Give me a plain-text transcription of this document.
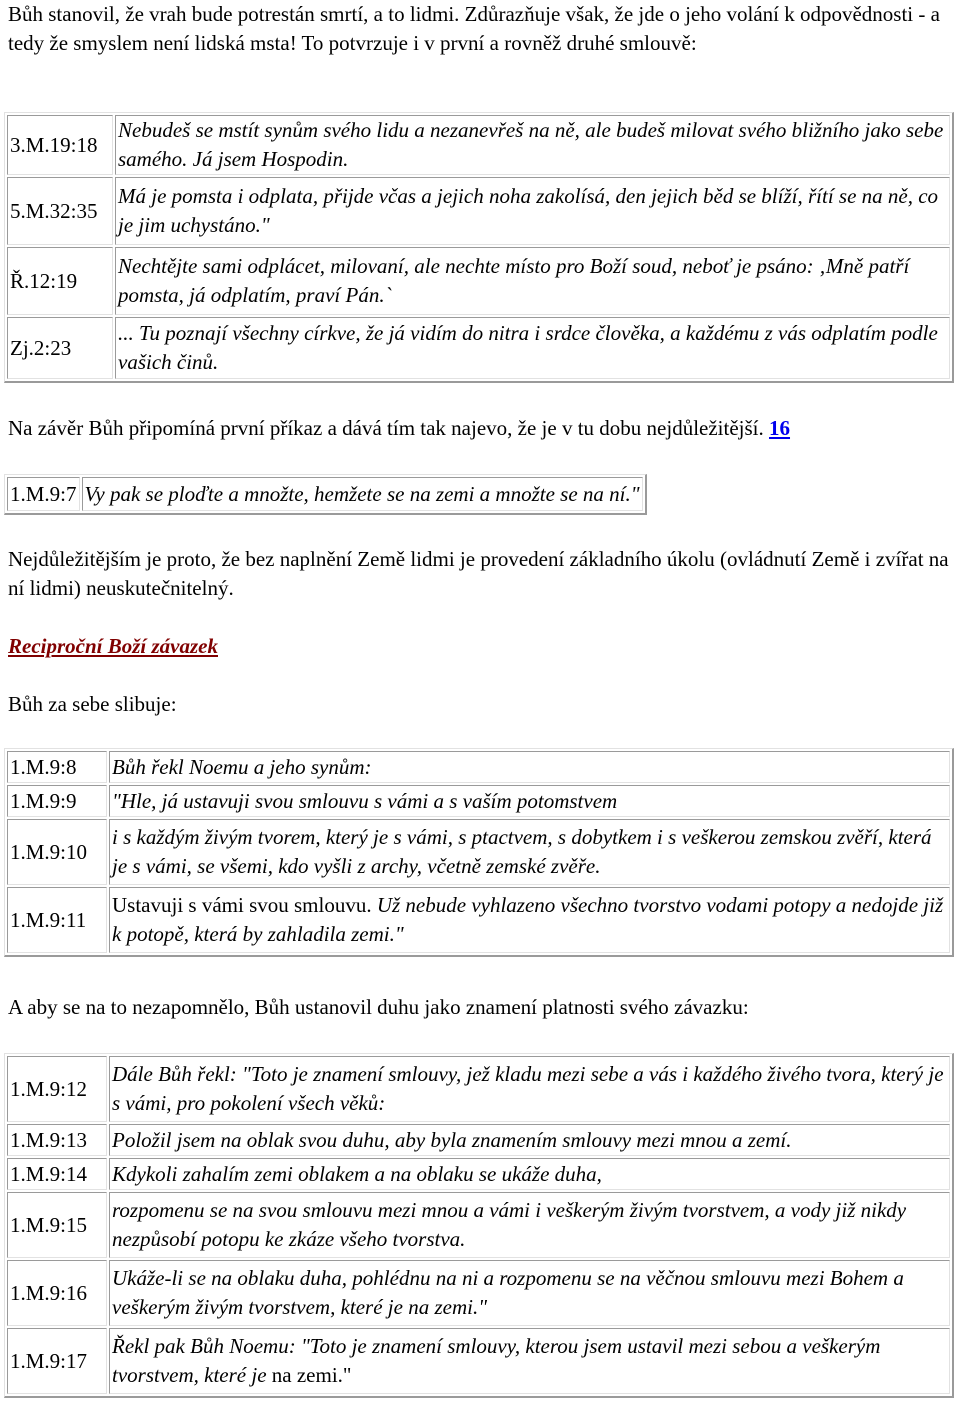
Bůh stanovil, že vrah bude potrestán smrtí, a to lidmi. Zdůrazňuje však, že jde o jeho volání k odpovědnosti - a tedy že smyslem není lidská msta! To potvrzuje i v první a rovněž druhé smlouvě:

3.M.19:18	Nebudeš se mstít synům svého lidu a nezanevřeš na ně, ale budeš milovat svého bližního jako sebe samého. Já jsem Hospodin.
5.M.32:35	Má je pomsta i odplata, přijde včas a jejich noha zakolísá, den jejich běd se blíží, řítí se na ně, co je jim uchystáno."
Ř.12:19	Nechtějte sami odplácet, milovaní, ale nechte místo pro Boží soud, neboť je psáno: ‚Mně patří pomsta, já odplatím, praví Pán.`
Zj.2:23	... Tu poznají všechny církve, že já vidím do nitra i srdce člověka, a každému z vás odplatím podle vašich činů.

Na závěr Bůh připomíná první příkaz a dává tím tak najevo, že je v tu dobu nejdůležitější. 16

1.M.9:7	Vy pak se ploďte a množte, hemžete se na zemi a množte se na ní."

Nejdůležitějším je proto, že bez naplnění Země lidmi je provedení základního úkolu (ovládnutí Země i zvířat na ní lidmi) neuskutečnitelný.

Reciproční Boží závazek

Bůh za sebe slibuje:

1.M.9:8	Bůh řekl Noemu a jeho synům:
1.M.9:9	"Hle, já ustavuji svou smlouvu s vámi a s vaším potomstvem
1.M.9:10	i s každým živým tvorem, který je s vámi, s ptactvem, s dobytkem i s veškerou zemskou zvěří, která je s vámi, se všemi, kdo vyšli z archy, včetně zemské zvěře.
1.M.9:11	Ustavuji s vámi svou smlouvu. Už nebude vyhlazeno všechno tvorstvo vodami potopy a nedojde již k potopě, která by zahladila zemi."

A aby se na to nezapomnělo, Bůh ustanovil duhu jako znamení platnosti svého závazku:

1.M.9:12	Dále Bůh řekl: "Toto je znamení smlouvy, jež kladu mezi sebe a vás i každého živého tvora, který je s vámi, pro pokolení všech věků:
1.M.9:13	Položil jsem na oblak svou duhu, aby byla znamením smlouvy mezi mnou a zemí.
1.M.9:14	Kdykoli zahalím zemi oblakem a na oblaku se ukáže duha,
1.M.9:15	rozpomenu se na svou smlouvu mezi mnou a vámi i veškerým živým tvorstvem, a vody již nikdy nezpůsobí potopu ke zkáze všeho tvorstva.
1.M.9:16	Ukáže-li se na oblaku duha, pohlédnu na ni a rozpomenu se na věčnou smlouvu mezi Bohem a veškerým živým tvorstvem, které je na zemi."
1.M.9:17	Řekl pak Bůh Noemu: "Toto je znamení smlouvy, kterou jsem ustavil mezi sebou a veškerým tvorstvem, které je na zemi."
